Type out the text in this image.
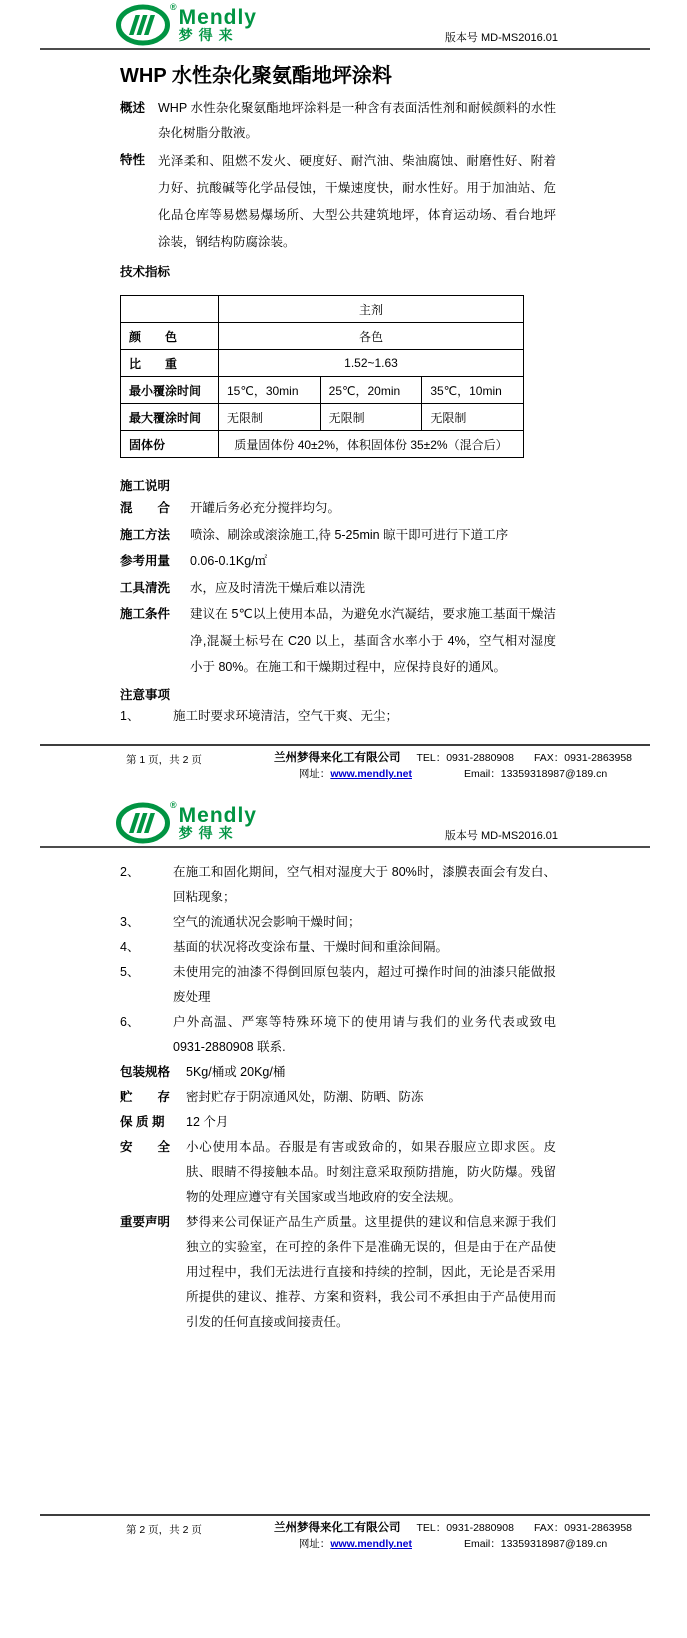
® Mendly
梦得来	版本号 MD-MS2016.01
WHP 水性杂化聚氨酯地坪涂料
概述	WHP 水性杂化聚氨酯地坪涂料是一种含有表面活性剂和耐候颜料的水性杂化树脂分散液。
特性	光泽柔和、阻燃不发火、硬度好、耐汽油、柴油腐蚀、耐磨性好、附着力好、抗酸碱等化学品侵蚀，干燥速度快，耐水性好。用于加油站、危化品仓库等易燃易爆场所、大型公共建筑地坪，体育运动场、看台地坪涂装，钢结构防腐涂装。
技术指标
	主剂		
颜　　色	各色		
比　　重	1.52~1.63		
最小覆涂时间	15℃，30min	25℃，20min	35℃，10min
最大覆涂时间	无限制	无限制	无限制
固体份	质量固体份 40±2%，体积固体份 35±2%（混合后）		
施工说明
混　　合	开罐后务必充分搅拌均匀。
施工方法	喷涂、刷涂或滚涂施工,待 5-25min 晾干即可进行下道工序
参考用量	0.06-0.1Kg/㎡
工具清洗	水，应及时清洗干燥后难以清洗
施工条件	建议在 5℃以上使用本品，为避免水汽凝结，要求施工基面干燥洁净,混凝土标号在 C20 以上，基面含水率小于 4%，空气相对湿度小于 80%。在施工和干燥期过程中，应保持良好的通风。
注意事项
1、	施工时要求环境清洁，空气干爽、无尘；
第 1 页，共 2 页	兰州梦得来化工有限公司 TEL：0931-2880908 FAX：0931-2863958
网址：www.mendly.net	Email：13359318987@189.cn
® Mendly
梦得来	版本号 MD-MS2016.01
2、	在施工和固化期间，空气相对湿度大于 80%时，漆膜表面会有发白、回粘现象；
3、	空气的流通状况会影响干燥时间；
4、	基面的状况将改变涂布量、干燥时间和重涂间隔。
5、	未使用完的油漆不得倒回原包装内，超过可操作时间的油漆只能做报废处理
6、	户外高温、严寒等特殊环境下的使用请与我们的业务代表或致电 0931-2880908 联系.
包装规格	5Kg/桶或 20Kg/桶
贮　　存	密封贮存于阴凉通风处，防潮、防晒、防冻
保 质 期	12 个月
安　　全	小心使用本品。吞服是有害或致命的，如果吞服应立即求医。皮肤、眼睛不得接触本品。时刻注意采取预防措施，防火防爆。残留物的处理应遵守有关国家或当地政府的安全法规。
重要声明	梦得来公司保证产品生产质量。这里提供的建议和信息来源于我们独立的实验室，在可控的条件下是准确无误的，但是由于在产品使用过程中，我们无法进行直接和持续的控制，因此，无论是否采用所提供的建议、推荐、方案和资料，我公司不承担由于产品使用而引发的任何直接或间接责任。
第 2 页，共 2 页	兰州梦得来化工有限公司 TEL：0931-2880908 FAX：0931-2863958
网址：www.mendly.net	Email：13359318987@189.cn
